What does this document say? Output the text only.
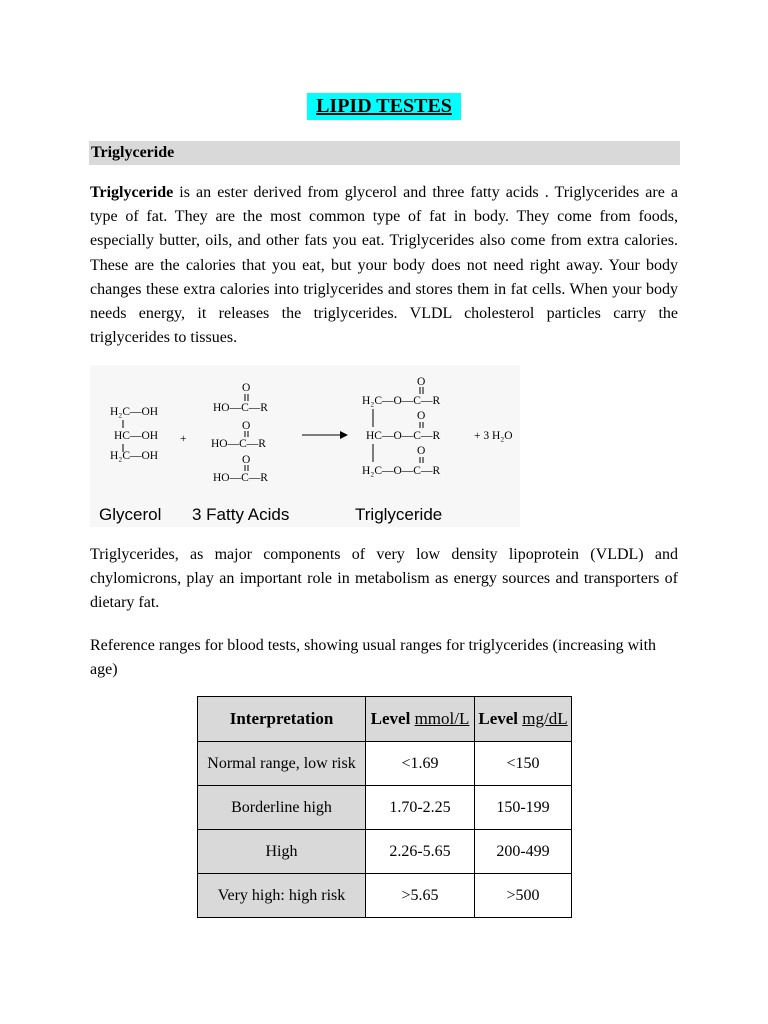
LIPID TESTES
Triglyceride

Triglyceride is an ester derived from glycerol and three fatty acids . Triglycerides are a type of fat. They are the most common type of fat in body. They come from foods, especially butter, oils, and other fats you eat. Triglycerides also come from extra calories. These are the calories that you eat, but your body does not need right away. Your body changes these extra calories into triglycerides and stores them in fat cells. When your body needs energy, it releases the triglycerides. VLDL cholesterol particles carry the triglycerides to tissues.

H₂C—OH
HC—OH
H₂C—OH
+
O
HO—C—R
O
HO—C—R
O
HO—C—R
O
H₂C—O—C—R
O
HC—O—C—R
O
H₂C—O—C—R
+ 3 H₂O
Glycerol 3 Fatty Acids	Triglyceride

Triglycerides, as major components of very low density lipoprotein (VLDL) and chylomicrons, play an important role in metabolism as energy sources and transporters of dietary fat.

Reference ranges for blood tests, showing usual ranges for triglycerides (increasing with age)

Interpretation	Level mmol/L	Level mg/dL
Normal range, low risk	<1.69	<150
Borderline high	1.70-2.25	150-199
High	2.26-5.65	200-499
Very high: high risk	>5.65	>500
